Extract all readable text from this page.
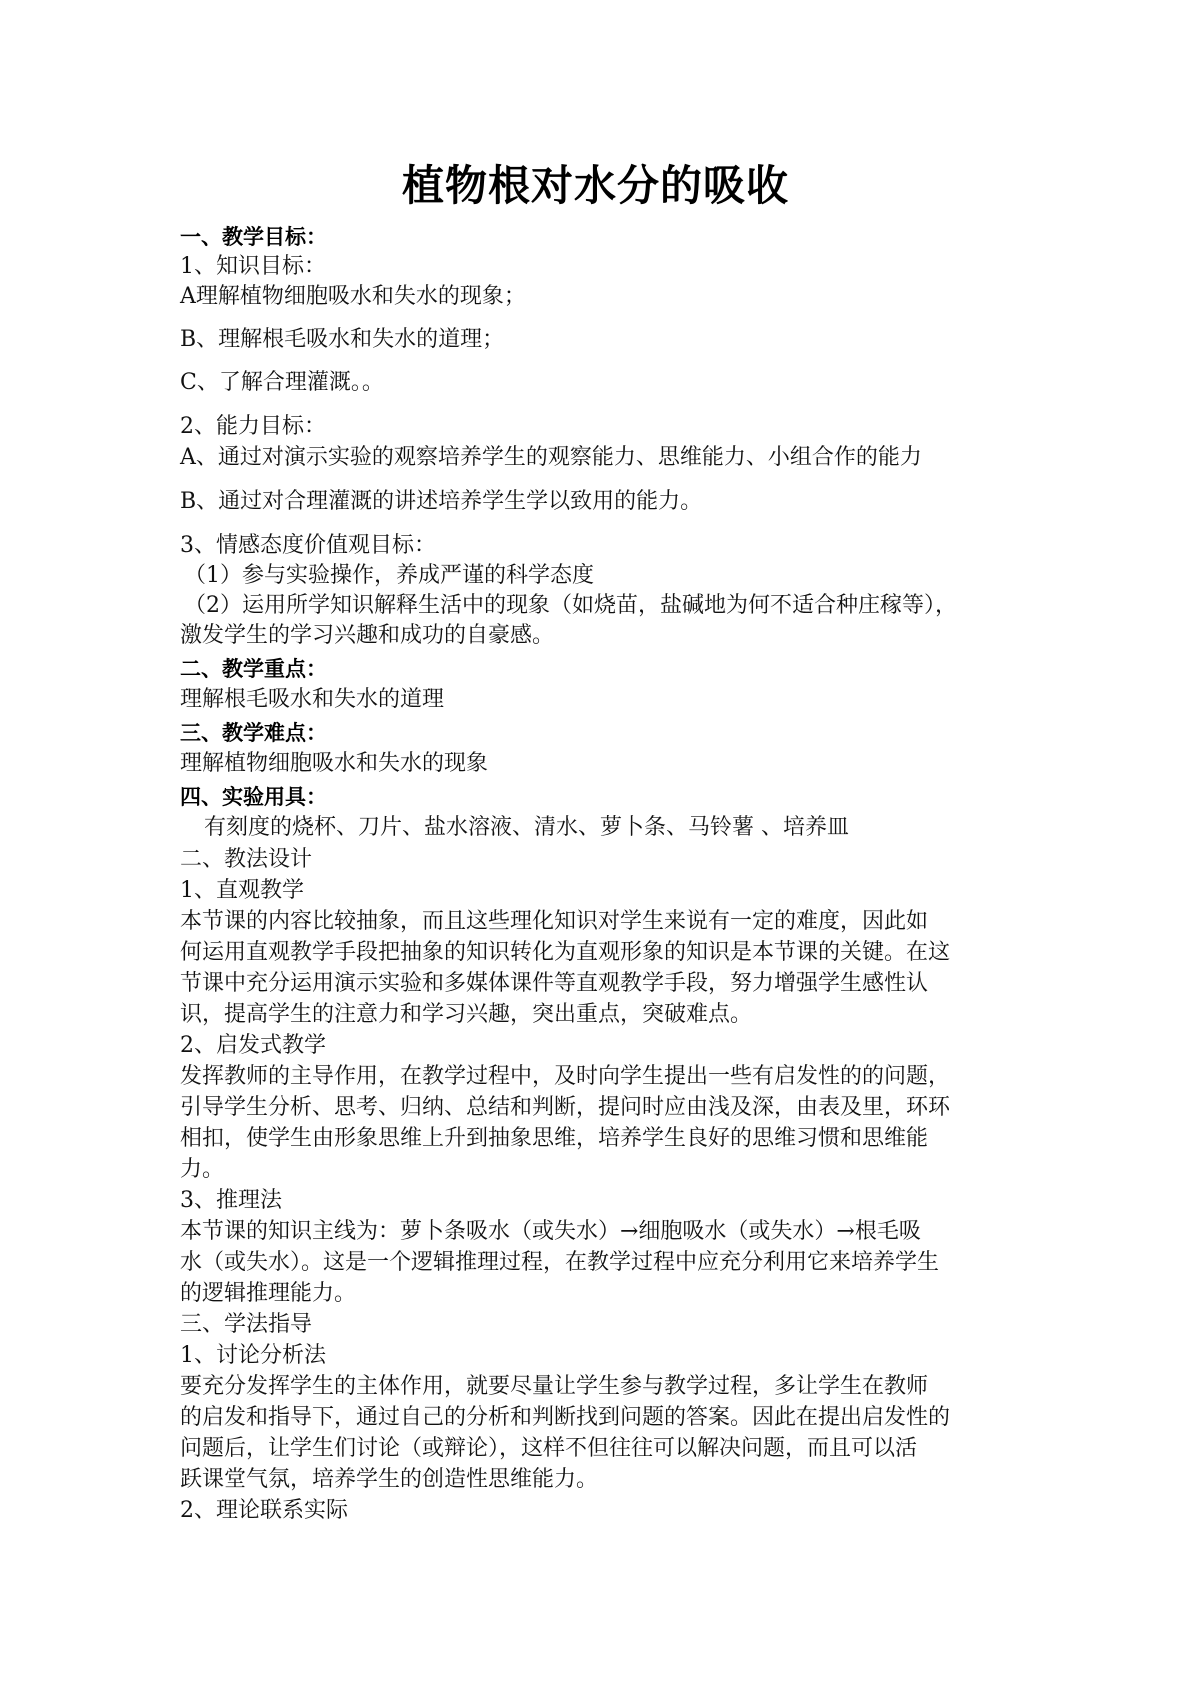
植物根对水分的吸收
一、教学目标：
1、知识目标：
A理解植物细胞吸水和失水的现象；
B、理解根毛吸水和失水的道理；
C、了解合理灌溉。。
2、能力目标：
A、通过对演示实验的观察培养学生的观察能力、思维能力、小组合作的能力
B、通过对合理灌溉的讲述培养学生学以致用的能力。
3、情感态度价值观目标：
（1）参与实验操作，养成严谨的科学态度
（2）运用所学知识解释生活中的现象（如烧苗，盐碱地为何不适合种庄稼等），
激发学生的学习兴趣和成功的自豪感。
二、教学重点：
理解根毛吸水和失水的道理
三、教学难点：
理解植物细胞吸水和失水的现象
四、实验用具：
有刻度的烧杯、刀片、盐水溶液、清水、萝卜条、马铃薯 、培养皿
二、教法设计
1、直观教学
本节课的内容比较抽象，而且这些理化知识对学生来说有一定的难度，因此如
何运用直观教学手段把抽象的知识转化为直观形象的知识是本节课的关键。在这
节课中充分运用演示实验和多媒体课件等直观教学手段，努力增强学生感性认
识，提高学生的注意力和学习兴趣，突出重点，突破难点。
2、启发式教学
发挥教师的主导作用，在教学过程中，及时向学生提出一些有启发性的的问题，
引导学生分析、思考、归纳、总结和判断，提问时应由浅及深，由表及里，环环
相扣，使学生由形象思维上升到抽象思维，培养学生良好的思维习惯和思维能
力。
3、推理法
本节课的知识主线为：萝卜条吸水（或失水）→细胞吸水（或失水）→根毛吸
水（或失水）。这是一个逻辑推理过程，在教学过程中应充分利用它来培养学生
的逻辑推理能力。
三、学法指导
1、讨论分析法
要充分发挥学生的主体作用，就要尽量让学生参与教学过程，多让学生在教师
的启发和指导下，通过自己的分析和判断找到问题的答案。因此在提出启发性的
问题后，让学生们讨论（或辩论），这样不但往往可以解决问题，而且可以活
跃课堂气氛，培养学生的创造性思维能力。
2、理论联系实际
